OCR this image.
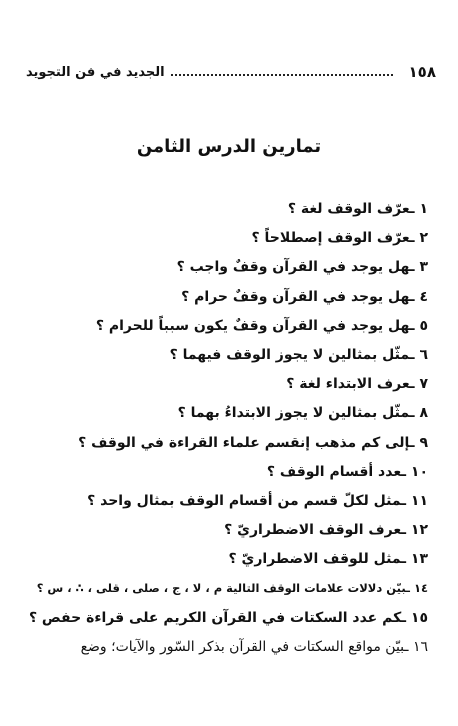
١٥٨
الجديد في فن التجويد
تمارين الدرس الثامن
١ ـعرّف الوقف لغة ؟
٢ ـعرّف الوقف إصطلاحاً ؟
٣ ـهل يوجد في القرآن وقفٌ واجب ؟
٤ ـهل يوجد في القرآن وقفٌ حرام ؟
٥ ـهل يوجد في القرآن وقفٌ يكون سبباً للحرام ؟
٦ ـمثّل بمثالين لا يجوز الوقف فيهما ؟
٧ ـعرف الابتداء لغة ؟
٨ ـمثّل بمثالين لا يجوز الابتداءُ بهما ؟
٩ ـإلى كم مذهب إنقسم علماء القراءة في الوقف ؟
١٠ ـعدد أقسام الوقف ؟
١١ ـمثل لكلّ قسم من أقسام الوقف بمثال واحد ؟
١٢ ـعرف الوقف الاضطراريّ ؟
١٣ ـمثل للوقف الاضطراريّ ؟
١٤ ـبيّن دلالات علامات الوقف التالية م ، لا ، ج ، صلى ، قلى ، ∴ ، س ؟
١٥ ـكم عدد السكتات في القرآن الكريم على قراءة حفص ؟
١٦ ـبيّن مواقع السكتات في القرآن بذكر السّور والآيات؛ وضع
